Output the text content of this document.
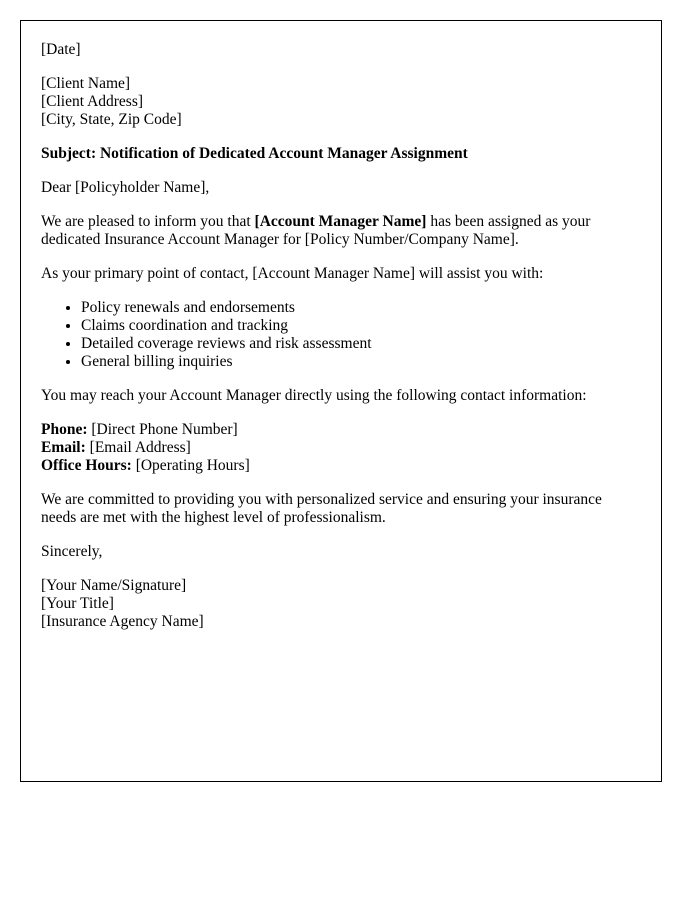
[Date]

[Client Name]
[Client Address]
[City, State, Zip Code]

Subject: Notification of Dedicated Account Manager Assignment

Dear [Policyholder Name],

We are pleased to inform you that [Account Manager Name] has been assigned as your dedicated Insurance Account Manager for [Policy Number/Company Name].

As your primary point of contact, [Account Manager Name] will assist you with:

• Policy renewals and endorsements
• Claims coordination and tracking
• Detailed coverage reviews and risk assessment
• General billing inquiries

You may reach your Account Manager directly using the following contact information:

Phone: [Direct Phone Number]
Email: [Email Address]
Office Hours: [Operating Hours]

We are committed to providing you with personalized service and ensuring your insurance needs are met with the highest level of professionalism.

Sincerely,

[Your Name/Signature]
[Your Title]
[Insurance Agency Name]
